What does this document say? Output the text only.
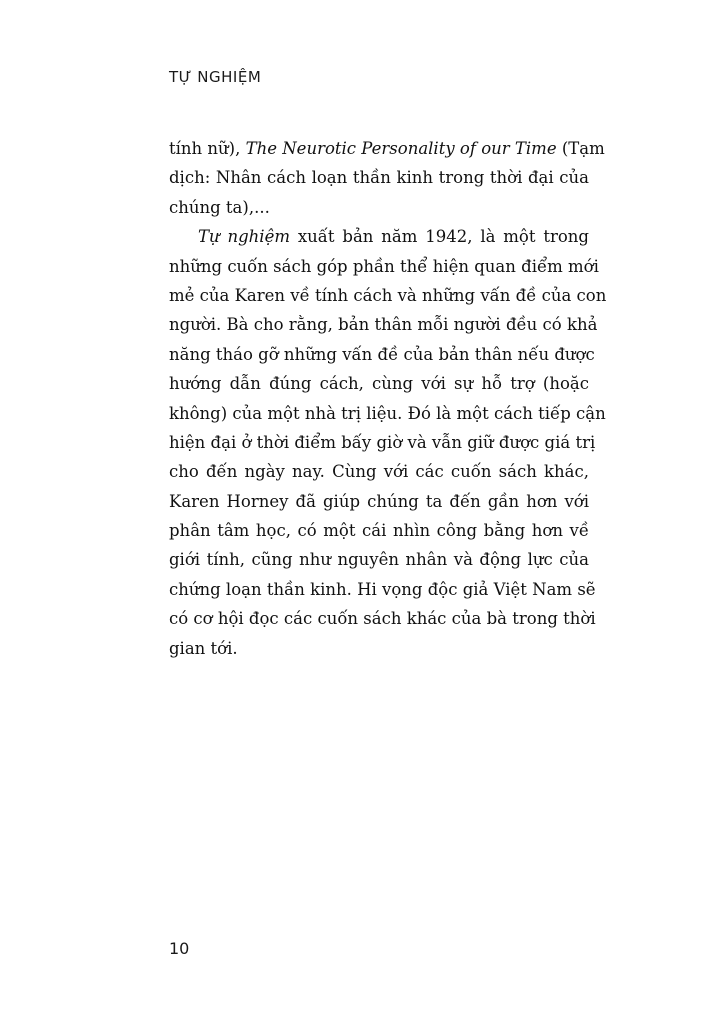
TỰ NGHIỆM
tính nữ), The Neurotic Personality of our Time (Tạm
dịch: Nhân cách loạn thần kinh trong thời đại của
chúng ta),...
Tự nghiệm xuất bản năm 1942, là một trong
những cuốn sách góp phần thể hiện quan điểm mới
mẻ của Karen về tính cách và những vấn đề của con
người. Bà cho rằng, bản thân mỗi người đều có khả
năng tháo gỡ những vấn đề của bản thân nếu được
hướng dẫn đúng cách, cùng với sự hỗ trợ (hoặc
không) của một nhà trị liệu. Đó là một cách tiếp cận
hiện đại ở thời điểm bấy giờ và vẫn giữ được giá trị
cho đến ngày nay. Cùng với các cuốn sách khác,
Karen Horney đã giúp chúng ta đến gần hơn với
phân tâm học, có một cái nhìn công bằng hơn về
giới tính, cũng như nguyên nhân và động lực của
chứng loạn thần kinh. Hi vọng độc giả Việt Nam sẽ
có cơ hội đọc các cuốn sách khác của bà trong thời
gian tới.
10
